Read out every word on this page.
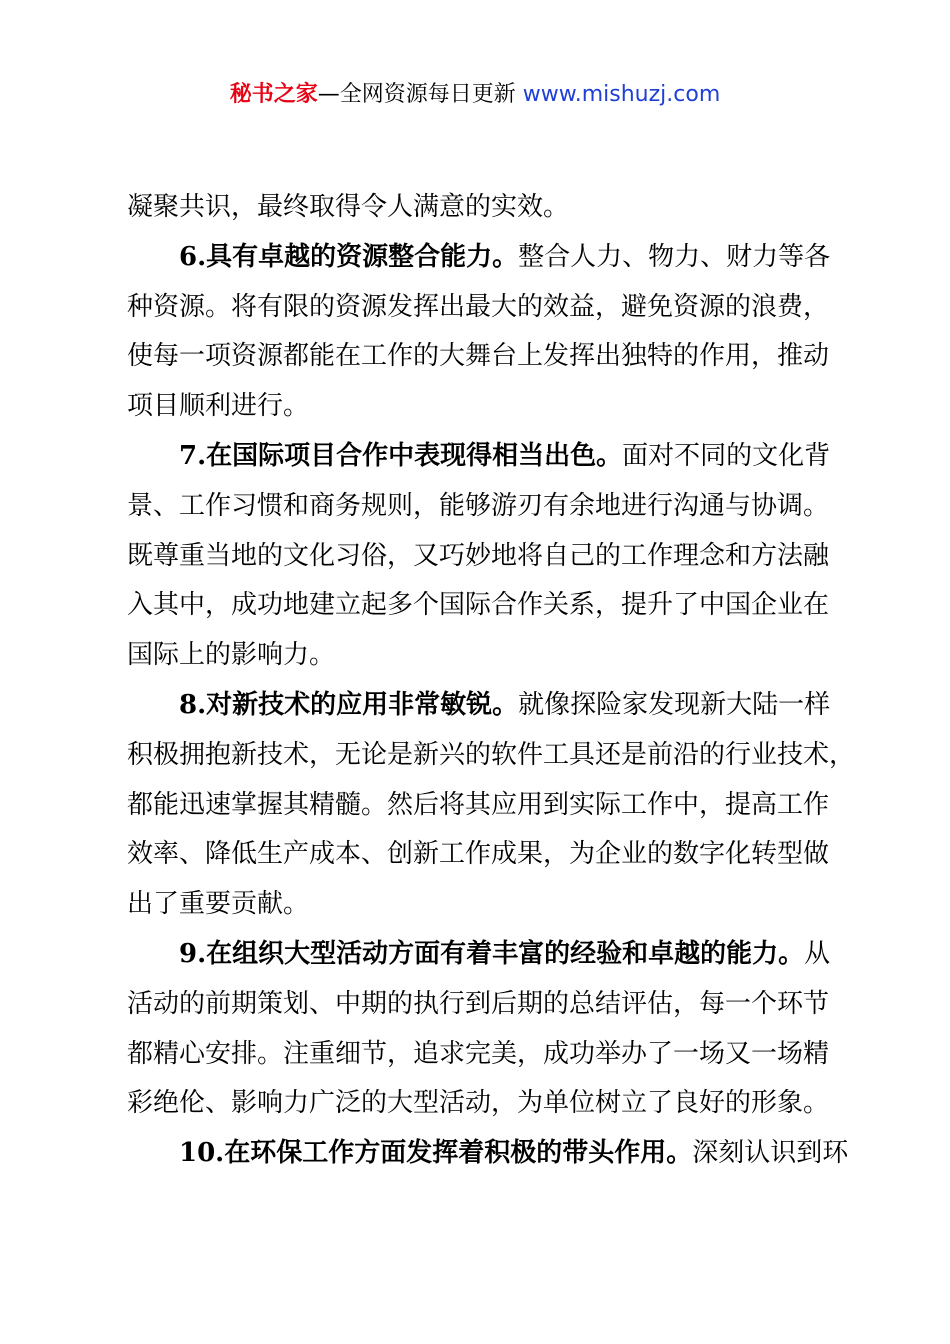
秘书之家—全网资源每日更新 www.mishuzj.com
凝聚共识，最终取得令人满意的实效。
6.具有卓越的资源整合能力。整合人力、物力、财力等各
种资源。将有限的资源发挥出最大的效益，避免资源的浪费，
使每一项资源都能在工作的大舞台上发挥出独特的作用，推动
项目顺利进行。
7.在国际项目合作中表现得相当出色。面对不同的文化背
景、工作习惯和商务规则，能够游刃有余地进行沟通与协调。
既尊重当地的文化习俗，又巧妙地将自己的工作理念和方法融
入其中，成功地建立起多个国际合作关系，提升了中国企业在
国际上的影响力。
8.对新技术的应用非常敏锐。就像探险家发现新大陆一样
积极拥抱新技术，无论是新兴的软件工具还是前沿的行业技术，
都能迅速掌握其精髓。然后将其应用到实际工作中，提高工作
效率、降低生产成本、创新工作成果，为企业的数字化转型做
出了重要贡献。
9.在组织大型活动方面有着丰富的经验和卓越的能力。从
活动的前期策划、中期的执行到后期的总结评估，每一个环节
都精心安排。注重细节，追求完美，成功举办了一场又一场精
彩绝伦、影响力广泛的大型活动，为单位树立了良好的形象。
10.在环保工作方面发挥着积极的带头作用。深刻认识到环
